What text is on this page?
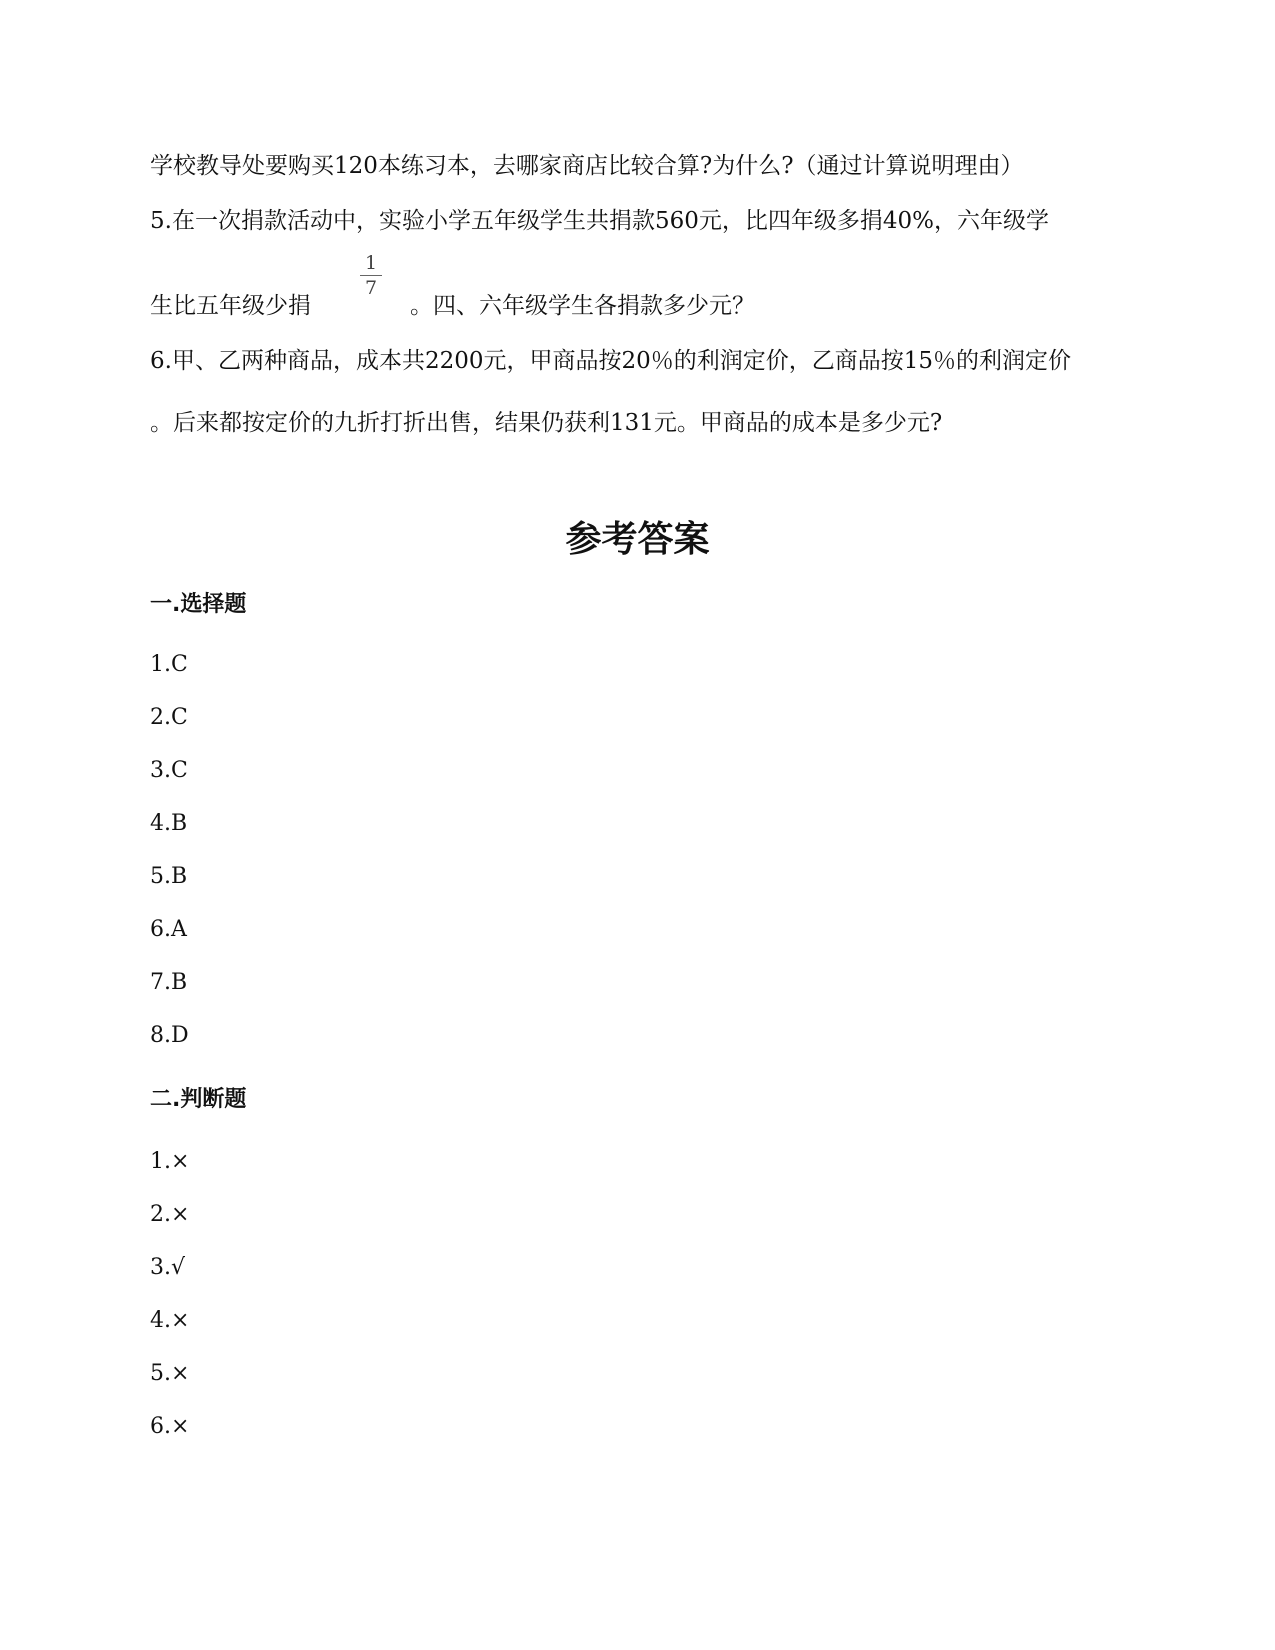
学校教导处要购买120本练习本，去哪家商店比较合算?为什么?（通过计算说明理由）
5.在一次捐款活动中，实验小学五年级学生共捐款560元，比四年级多捐40%，六年级学
生比五年级少捐
1
7
。四、六年级学生各捐款多少元？
6.甲、乙两种商品，成本共2200元，甲商品按20％的利润定价，乙商品按15％的利润定价
。后来都按定价的九折打折出售，结果仍获利131元。甲商品的成本是多少元?
参考答案
一.选择题
1.C
2.C
3.C
4.B
5.B
6.A
7.B
8.D
二.判断题
1.×
2.×
3.√
4.×
5.×
6.×
